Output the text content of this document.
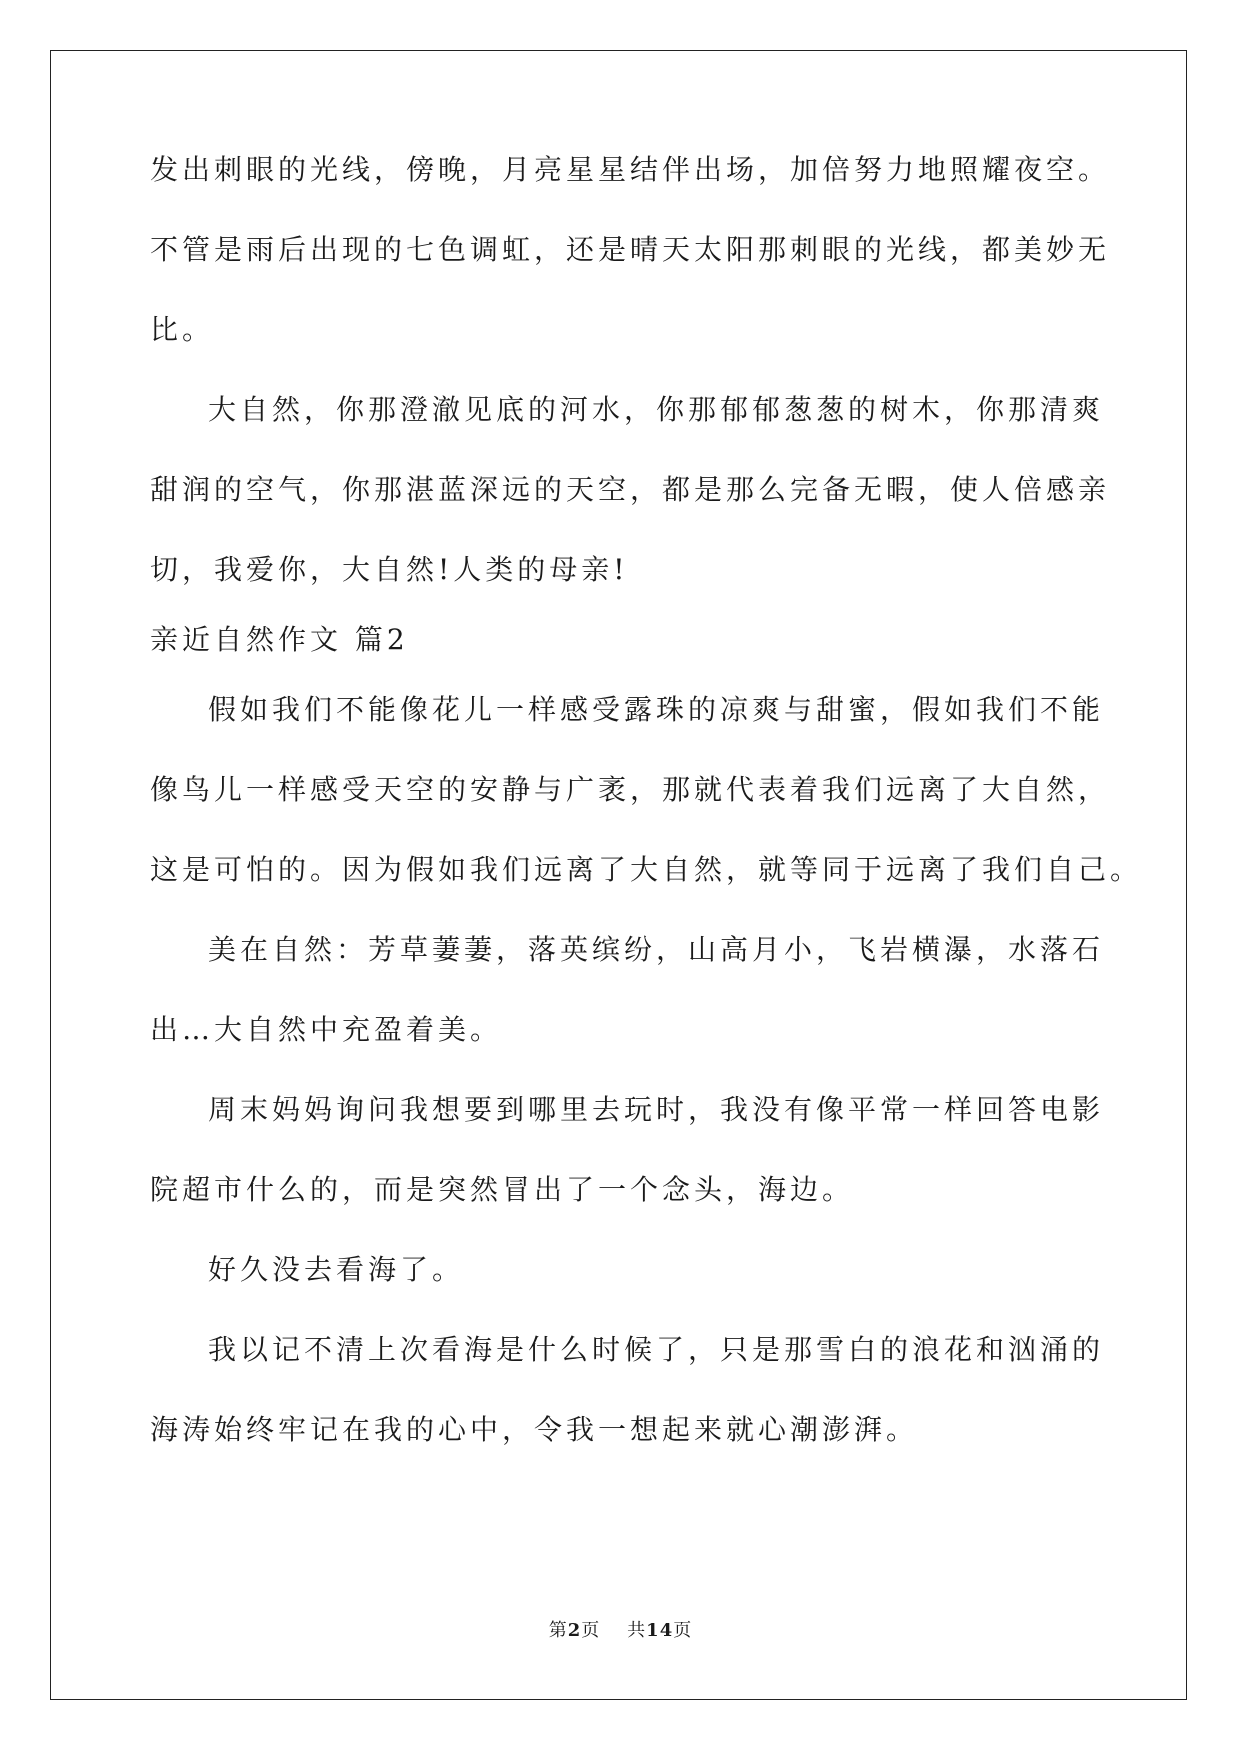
发出刺眼的光线，傍晚，月亮星星结伴出场，加倍努力地照耀夜空。
不管是雨后出现的七色调虹，还是晴天太阳那刺眼的光线，都美妙无
比。
大自然，你那澄澈见底的河水，你那郁郁葱葱的树木，你那清爽
甜润的空气，你那湛蓝深远的天空，都是那么完备无暇，使人倍感亲
切，我爱你，大自然!人类的母亲!
亲近自然作文 篇2
假如我们不能像花儿一样感受露珠的凉爽与甜蜜，假如我们不能
像鸟儿一样感受天空的安静与广袤，那就代表着我们远离了大自然，
这是可怕的。因为假如我们远离了大自然，就等同于远离了我们自己。
美在自然：芳草萋萋，落英缤纷，山高月小，飞岩横瀑，水落石
出…大自然中充盈着美。
周末妈妈询问我想要到哪里去玩时，我没有像平常一样回答电影
院超市什么的，而是突然冒出了一个念头，海边。
好久没去看海了。
我以记不清上次看海是什么时候了，只是那雪白的浪花和汹涌的
海涛始终牢记在我的心中，令我一想起来就心潮澎湃。
第2页 共14页
